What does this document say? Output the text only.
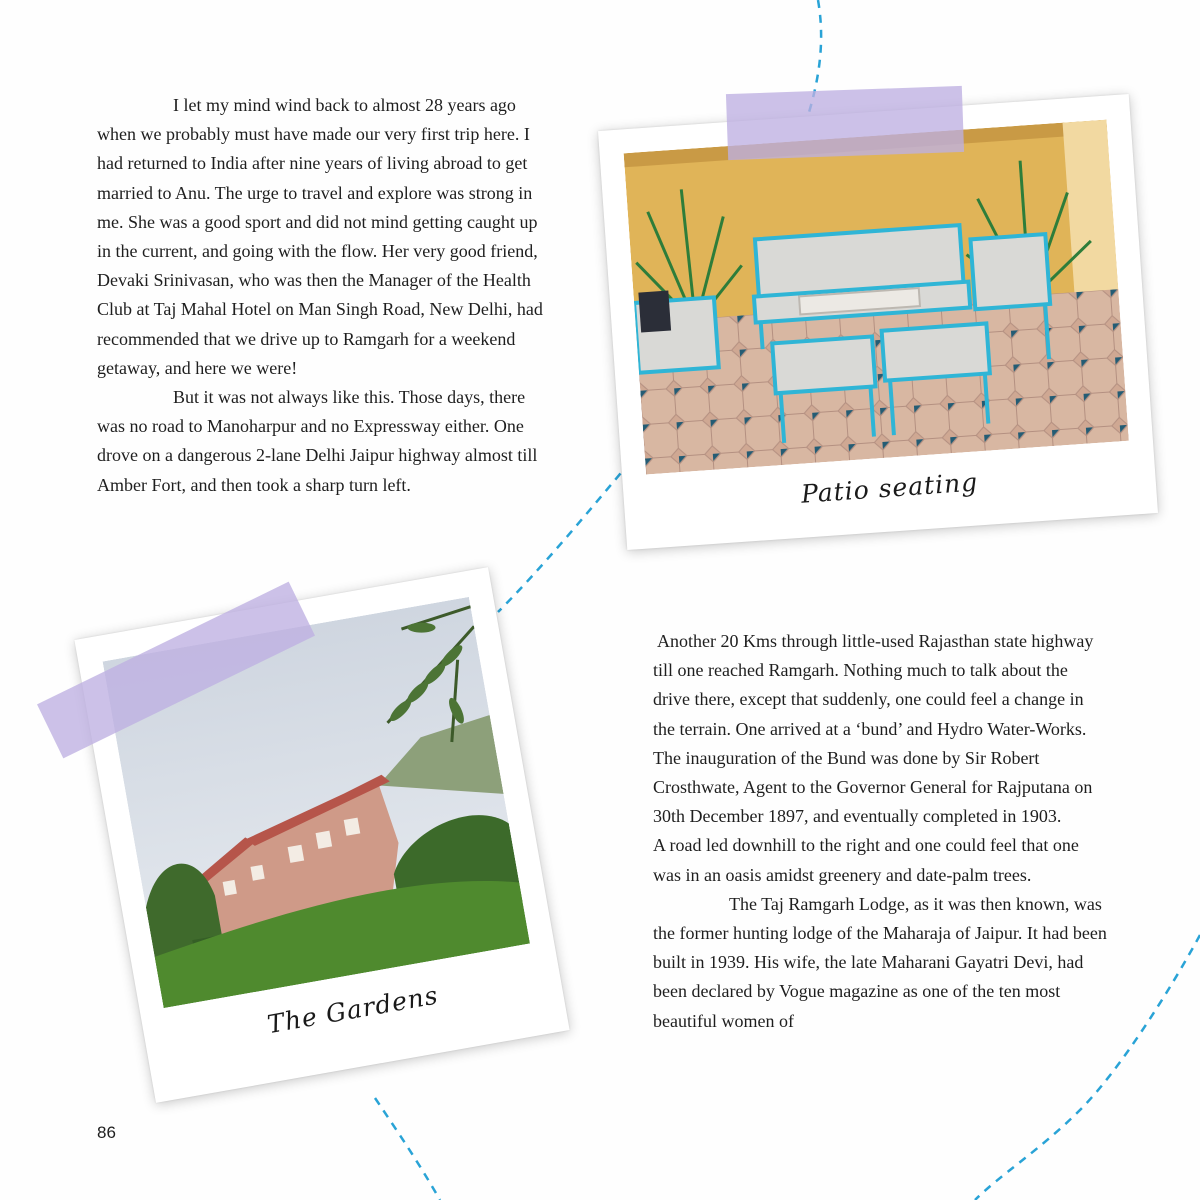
I let my mind wind back to almost 28 years ago when we probably must have made our very first trip here. I had returned to India after nine years of living abroad to get married to Anu. The urge to travel and explore was strong in me. She was a good sport and did not mind getting caught up in the current, and going with the flow. Her very good friend, Devaki Srinivasan, who was then the Manager of the Health Club at Taj Mahal Hotel on Man Singh Road, New Delhi, had recommended that we drive up to Ramgarh for a weekend getaway, and here we were!

But it was not always like this. Those days, there was no road to Manoharpur and no Expressway either. One drove on a dangerous 2-lane Delhi Jaipur highway almost till Amber Fort, and then took a sharp turn left.

Another 20 Kms through little-used Rajasthan state highway till one reached Ramgarh. Nothing much to talk about the drive there, except that suddenly, one could feel a change in the terrain. One arrived at a ‘bund’ and Hydro Water-Works. The inauguration of the Bund was done by Sir Robert Crosthwate, Agent to the Governor General for Rajputana on 30th December 1897, and eventually completed in 1903.

A road led downhill to the right and one could feel that one was in an oasis amidst greenery and date-palm trees.

The Taj Ramgarh Lodge, as it was then known, was the former hunting lodge of the Maharaja of Jaipur. It had been built in 1939. His wife, the late Maharani Gayatri Devi, had been declared by Vogue magazine as one of the ten most beautiful women of

Patio seating
The Gardens
86
